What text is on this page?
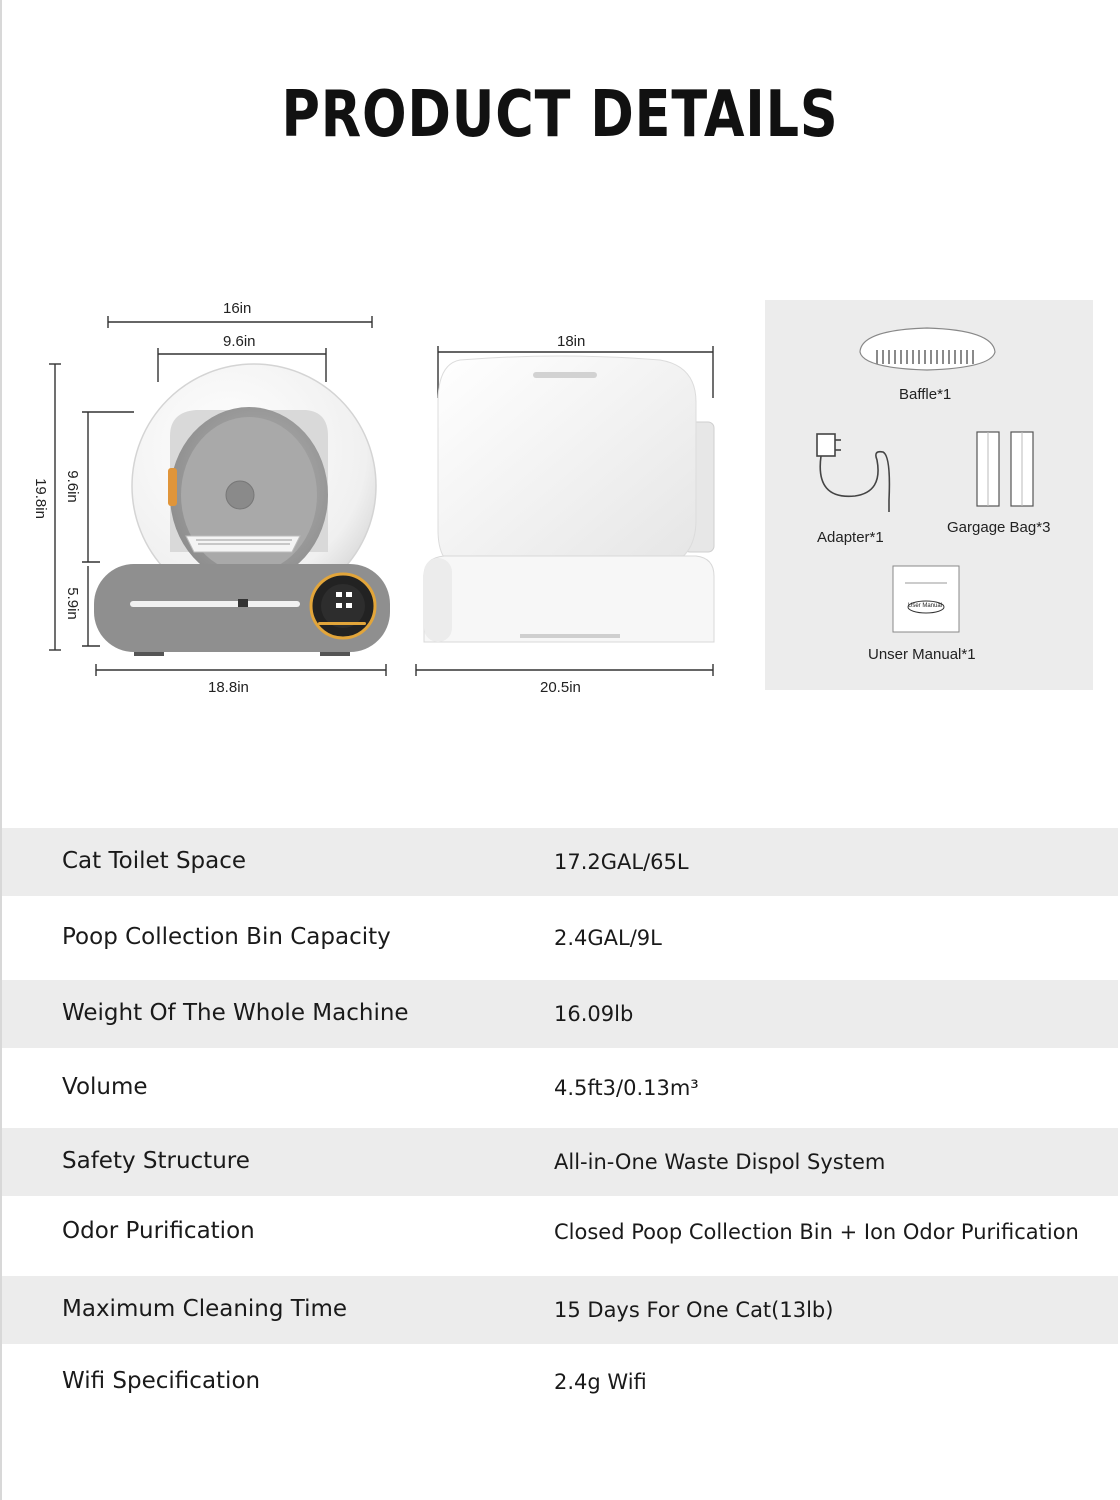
PRODUCT DETAILS
16in
9.6in
19.8in 9.6in
5.9in
18.8in
18in
20.5in
User Manual
Baffle*1
Adapter*1
Gargage Bag*3
Unser Manual*1
Cat Toilet Space	17.2GAL/65L
Poop Collection Bin Capacity	2.4GAL/9L
Weight Of The Whole Machine	16.09lb
Volume	4.5ft3/0.13m³
Safety Structure	All-in-One Waste Dispol System
Odor Purification	Closed Poop Collection Bin + Ion Odor Purification
Maximum Cleaning Time	15 Days For One Cat(13lb)
Wifi Specification	2.4g Wifi
